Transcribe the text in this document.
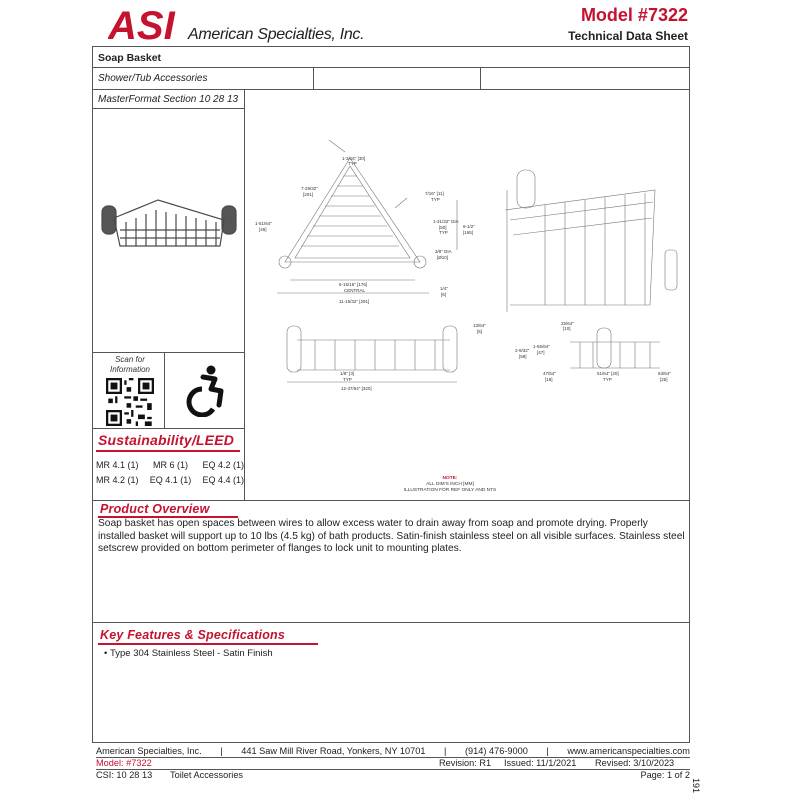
ASI American Specialties, Inc.
Model #7322
Technical Data Sheet
Soap Basket
Shower/Tub Accessories
MasterFormat Section 10 28 13
Scan for Information
Sustainability/LEED
MR 4.1 (1) MR 6 (1) EQ 4.2 (1)
MR 4.2 (1) EQ 4.1 (1) EQ 4.4 (1)
1-3/16" [30]
TYP
7-29/32"
[201]	7/16" [11]
TYP
1-51/64"
[46]
1-31/32" DIA
[50]
TYP
6-1/2"
[165]
3/8" DIA
[Ø10]
6-15/16" [176]
CENTRAL	1/4"
[6]
11-15/32" [291]
13/64"
[5]
1/8" [3]
TYP
12-37/64" [320]
25/64"
[10]
1-55/64"
[47]
2-9/32"
[58]
47/64"
[18]
51/64" [20]
TYP
63/64"
[25]
NOTE:
ALL DIM'S INCH [MM]
ILLUSTRATION FOR REF ONLY AND NTS
Product Overview
Soap basket has open spaces between wires to allow excess water to drain away from soap and promote drying. Properly installed basket will support up to 10 lbs (4.5 kg) of bath products. Satin-finish stainless steel on all visible surfaces. Stainless steel setscrew provided on bottom perimeter of flanges to lock unit to mounting plates.
Key Features & Specifications
• Type 304 Stainless Steel - Satin Finish
American Specialties, Inc. | 441 Saw Mill River Road, Yonkers, NY 10701 | (914) 476-9000 | www.americanspecialties.com
Model: #7322	Revision: R1 Issued: 11/1/2021 Revised: 3/10/2023
CSI: 10 28 13 Toilet Accessories	Page: 1 of 2
191
